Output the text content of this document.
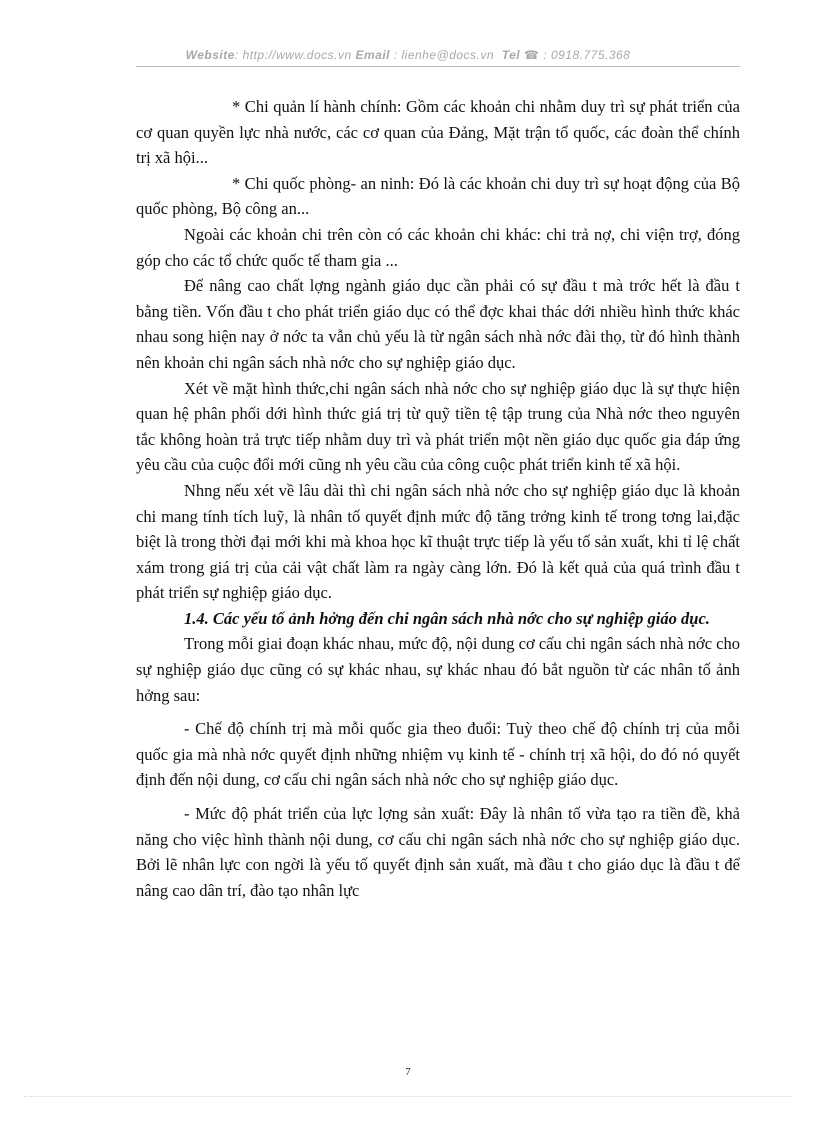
Website: http://www.docs.vn Email : lienhe@docs.vn Tel ☎ : 0918.775.368

* Chi quản lí hành chính: Gồm các khoản chi nhằm duy trì sự phát triển của cơ quan quyền lực nhà nước, các cơ quan của Đảng, Mặt trận tổ quốc, các đoàn thể chính trị xã hội...

* Chi quốc phòng- an ninh: Đó là các khoản chi duy trì sự hoạt động của Bộ quốc phòng, Bộ công an...

Ngoài các khoản chi trên còn có các khoản chi khác: chi trả nợ, chi viện trợ, đóng góp cho các tổ chức quốc tế tham gia ...

Để nâng cao chất lợng ngành giáo dục cần phải có sự đầu t mà trớc hết là đầu t bằng tiền. Vốn đầu t cho phát triển giáo dục có thể đợc khai thác dới nhiều hình thức khác nhau song hiện nay ở nớc ta vẫn chủ yếu là từ ngân sách nhà nớc đài thọ, từ đó hình thành nên khoản chi ngân sách nhà nớc cho sự nghiệp giáo dục.

Xét về mặt hình thức,chi ngân sách nhà nớc cho sự nghiệp giáo dục là sự thực hiện quan hệ phân phối dới hình thức giá trị từ quỹ tiền tệ tập trung của Nhà nớc theo nguyên tắc không hoàn trả trực tiếp nhằm duy trì và phát triển một nền giáo dục quốc gia đáp ứng yêu cầu của cuộc đổi mới cũng nh yêu cầu của công cuộc phát triển kinh tế xã hội.

Nhng nếu xét về lâu dài thì chi ngân sách nhà nớc cho sự nghiệp giáo dục là khoản chi mang tính tích luỹ, là nhân tố quyết định mức độ tăng trởng kinh tế trong tơng lai,đặc biệt là trong thời đại mới khi mà khoa học kĩ thuật trực tiếp là yếu tố sản xuất, khi tỉ lệ chất xám trong giá trị của cải vật chất làm ra ngày càng lớn. Đó là kết quả của quá trình đầu t phát triển sự nghiệp giáo dục.

1.4. Các yếu tố ảnh hởng đến chi ngân sách nhà nớc cho sự nghiệp giáo dục.

Trong mỗi giai đoạn khác nhau, mức độ, nội dung cơ cấu chi ngân sách nhà nớc cho sự nghiệp giáo dục cũng có sự khác nhau, sự khác nhau đó bắt nguồn từ các nhân tố ảnh hởng sau:

- Chế độ chính trị mà mỗi quốc gia theo đuổi: Tuỳ theo chế độ chính trị của mỗi quốc gia mà nhà nớc quyết định những nhiệm vụ kinh tế - chính trị xã hội, do đó nó quyết định đến nội dung, cơ cấu chi ngân sách nhà nớc cho sự nghiệp giáo dục.

- Mức độ phát triển của lực lợng sản xuất: Đây là nhân tố vừa tạo ra tiền đề, khả năng cho việc hình thành nội dung, cơ cấu chi ngân sách nhà nớc cho sự nghiệp giáo dục. Bởi lẽ nhân lực con ngời là yếu tố quyết định sản xuất, mà đầu t cho giáo dục là đầu t để nâng cao dân trí, đào tạo nhân lực

7
